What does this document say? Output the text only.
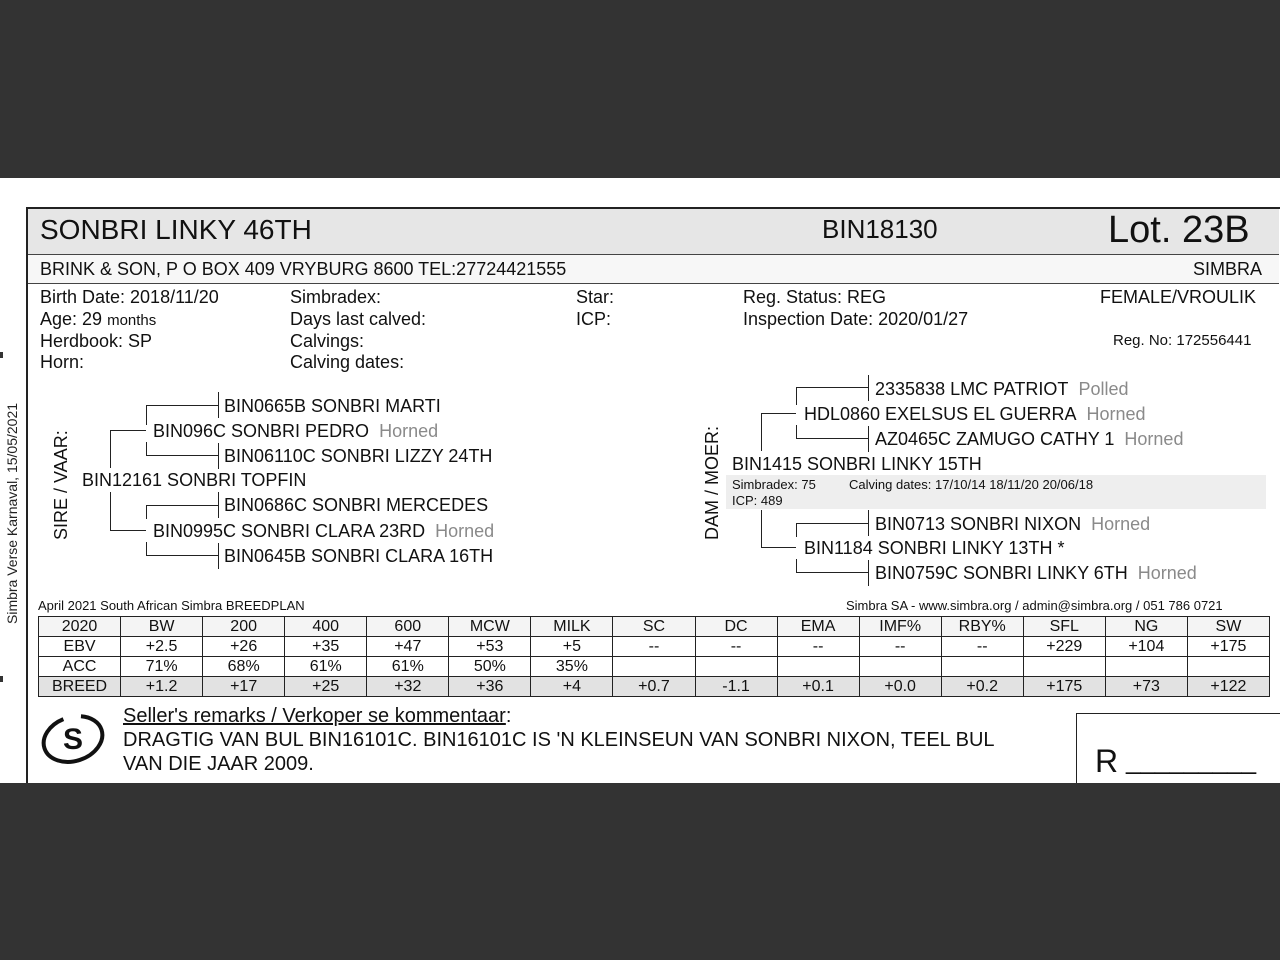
Simbra Verse Karnaval, 15/05/2021
SONBRI LINKY 46TH	BIN18130	Lot. 23B
BRINK & SON, P O BOX 409 VRYBURG 8600 TEL:27724421555	SIMBRA
Birth Date: 2018/11/20
Age: 29 months
Herdbook: SP
Horn:
Simbradex:
Days last calved:
Calvings:
Calving dates:
Star:
ICP:
Reg. Status: REG
Inspection Date: 2020/01/27
FEMALE/VROULIK
Reg. No: 172556441
SIRE / VAAR:
BIN0665B SONBRI MARTI
BIN096C SONBRI PEDRO Horned
BIN06110C SONBRI LIZZY 24TH
BIN12161 SONBRI TOPFIN
BIN0686C SONBRI MERCEDES
BIN0995C SONBRI CLARA 23RD Horned
BIN0645B SONBRI CLARA 16TH
DAM / MOER:
2335838 LMC PATRIOT Polled
HDL0860 EXELSUS EL GUERRA Horned
AZ0465C ZAMUGO CATHY 1 Horned
BIN1415 SONBRI LINKY 15TH
Simbradex: 75	Calving dates: 17/10/14 18/11/20 20/06/18
ICP: 489
BIN0713 SONBRI NIXON Horned
BIN1184 SONBRI LINKY 13TH *
BIN0759C SONBRI LINKY 6TH Horned
April 2021 South African Simbra BREEDPLAN	Simbra SA - www.simbra.org / admin@simbra.org / 051 786 0721
2020	BW	200	400	600	MCW	MILK	SC	DC	EMA	IMF%	RBY%	SFL	NG	SW
EBV	+2.5	+26	+35	+47	+53	+5	--	--	--	--	--	+229	+104	+175
ACC	71%	68%	61%	61%	50%	35%								
BREED	+1.2	+17	+25	+32	+36	+4	+0.7	-1.1	+0.1	+0.0	+0.2	+175	+73	+122
S
Seller's remarks / Verkoper se kommentaar:
DRAGTIG VAN BUL BIN16101C. BIN16101C IS 'N KLEINSEUN VAN SONBRI NIXON, TEEL BUL
VAN DIE JAAR 2009.	R _________
